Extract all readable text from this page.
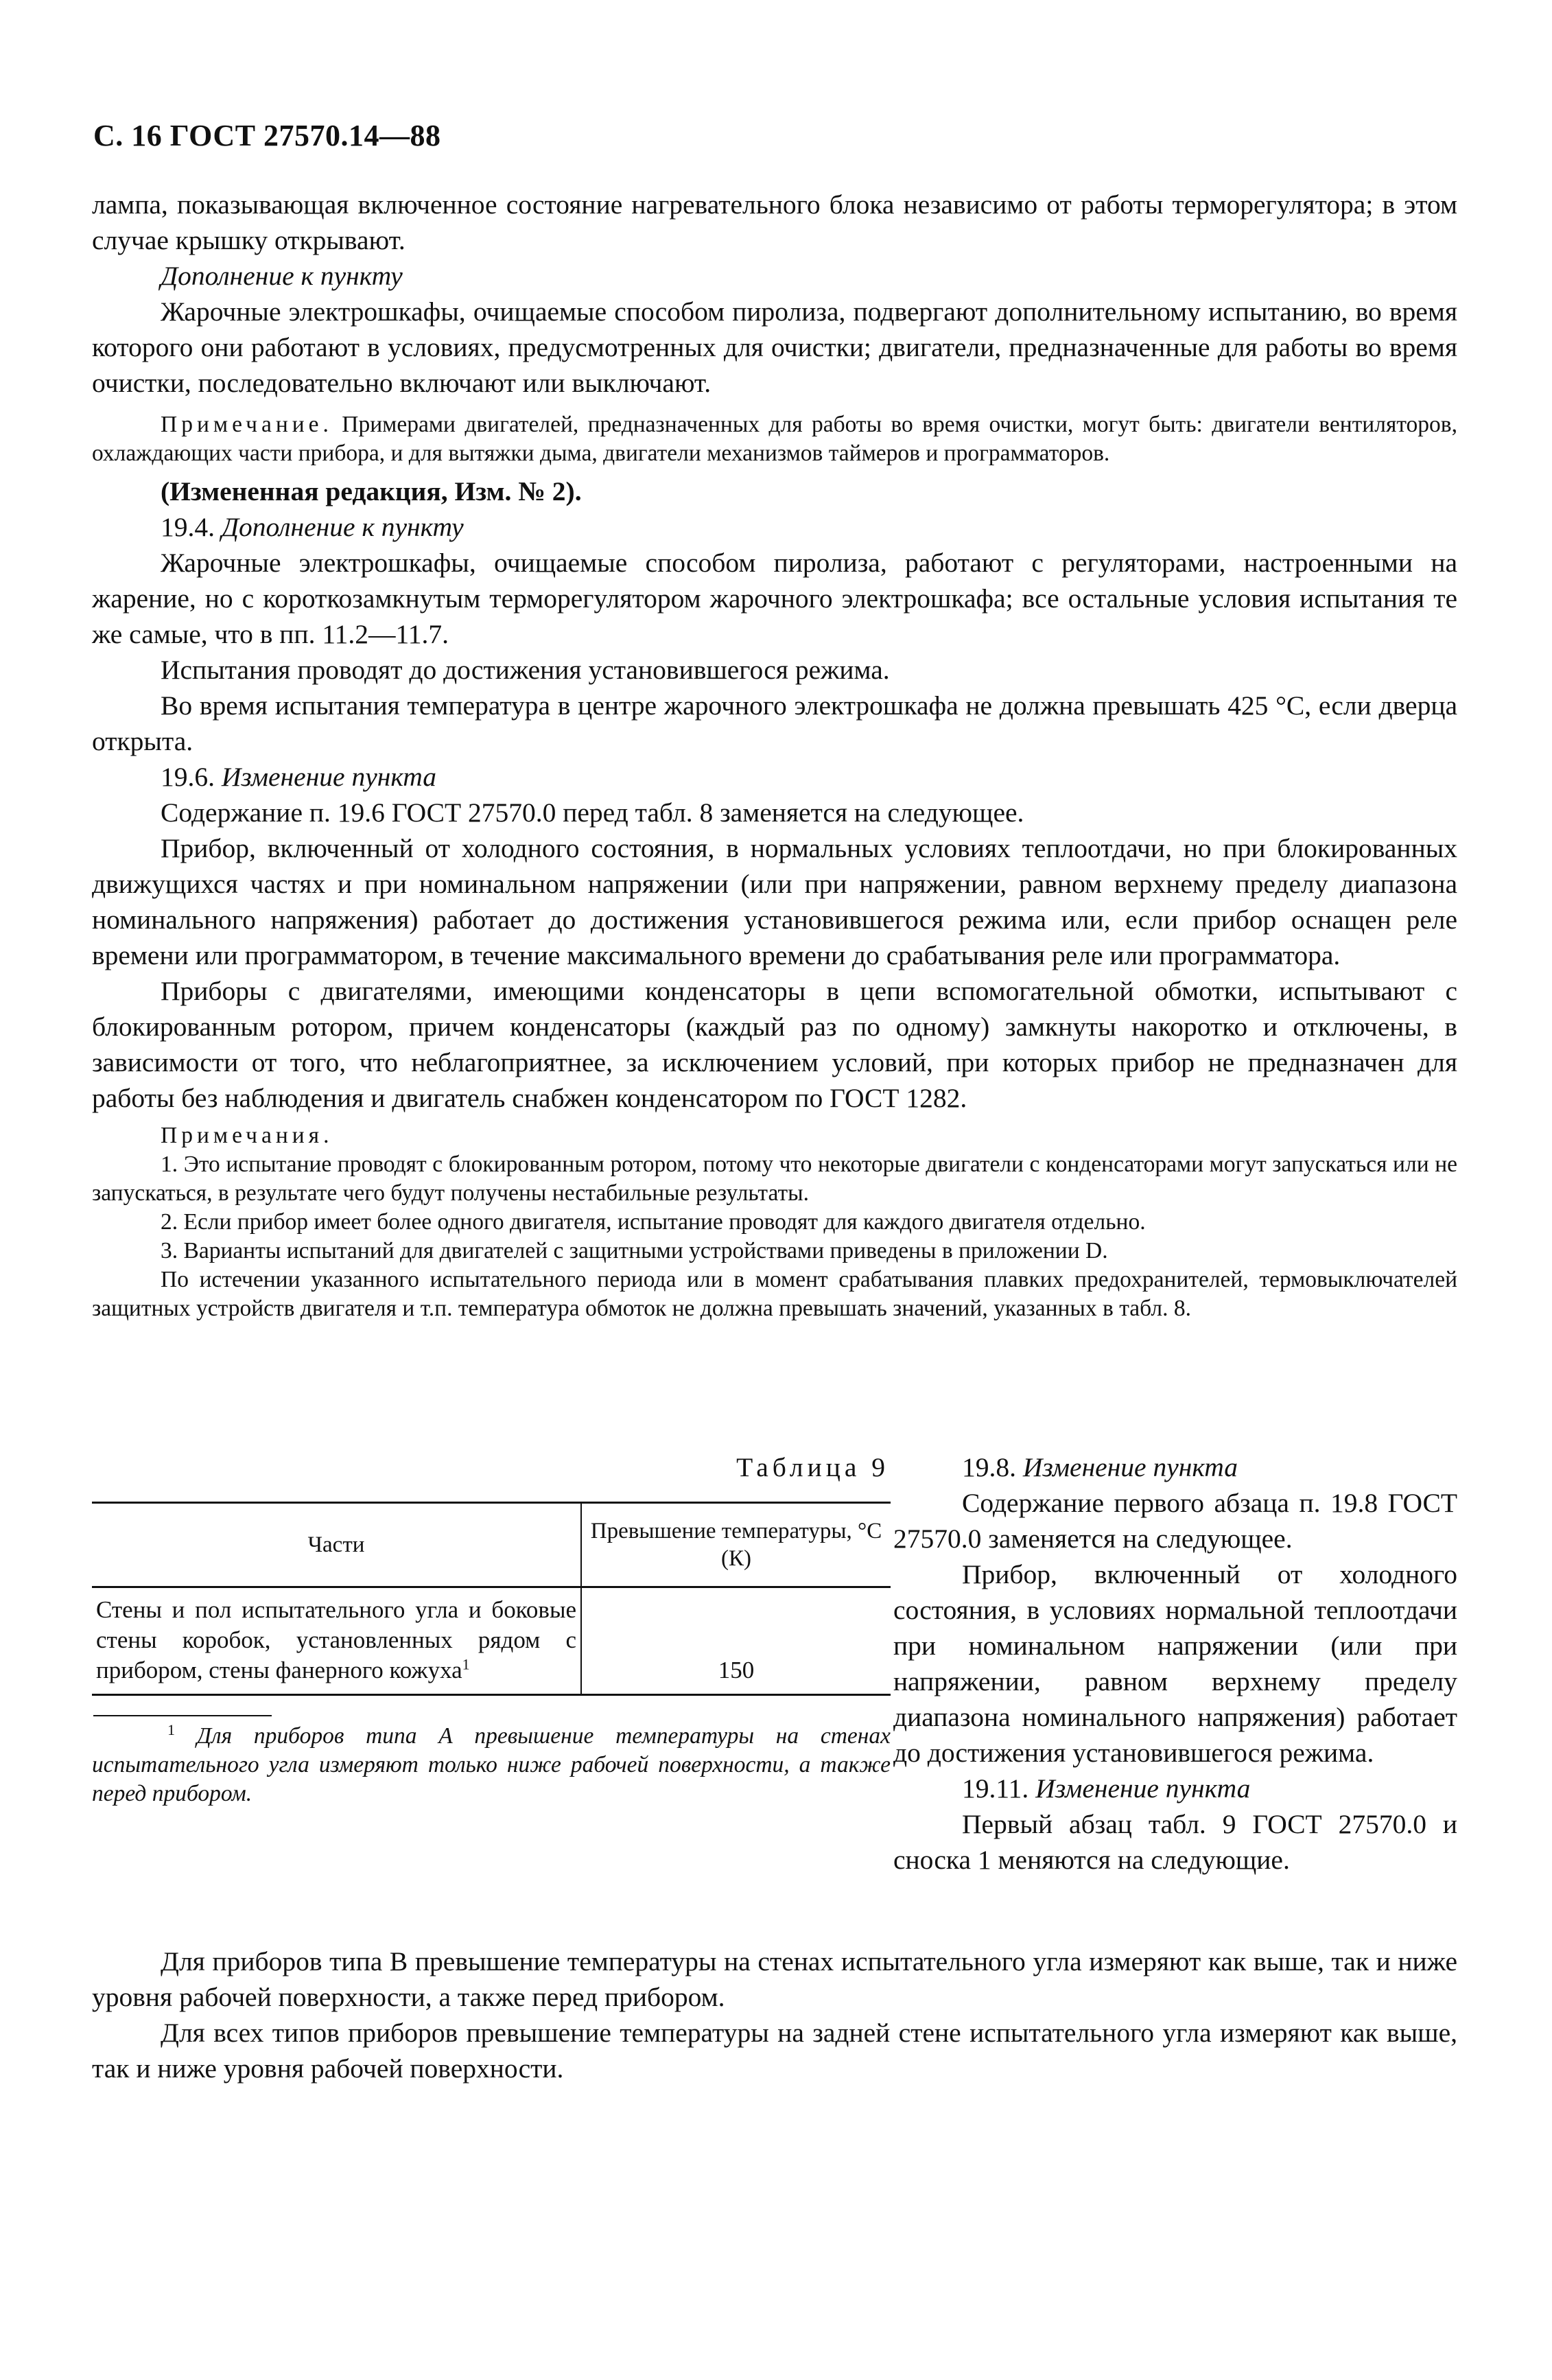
С. 16 ГОСТ 27570.14—88

лампа, показывающая включенное состояние нагревательного блока независимо от работы терморегулятора; в этом случае крышку открывают.

Дополнение к пункту

Жарочные электрошкафы, очищаемые способом пиролиза, подвергают дополнительному испытанию, во время которого они работают в условиях, предусмотренных для очистки; двигатели, предназначенные для работы во время очистки, последовательно включают или выключают.

Примечание. Примерами двигателей, предназначенных для работы во время очистки, могут быть: двигатели вентиляторов, охлаждающих части прибора, и для вытяжки дыма, двигатели механизмов таймеров и программаторов.

(Измененная редакция, Изм. № 2).

19.4. Дополнение к пункту

Жарочные электрошкафы, очищаемые способом пиролиза, работают с регуляторами, настроенными на жарение, но с короткозамкнутым терморегулятором жарочного электрошкафа; все остальные условия испытания те же самые, что в пп. 11.2—11.7.

Испытания проводят до достижения установившегося режима.

Во время испытания температура в центре жарочного электрошкафа не должна превышать 425 °С, если дверца открыта.

19.6. Изменение пункта

Содержание п. 19.6 ГОСТ 27570.0 перед табл. 8 заменяется на следующее.

Прибор, включенный от холодного состояния, в нормальных условиях теплоотдачи, но при блокированных движущихся частях и при номинальном напряжении (или при напряжении, равном верхнему пределу диапазона номинального напряжения) работает до достижения установившегося режима или, если прибор оснащен реле времени или программатором, в течение максимального времени до срабатывания реле или программатора.

Приборы с двигателями, имеющими конденсаторы в цепи вспомогательной обмотки, испытывают с блокированным ротором, причем конденсаторы (каждый раз по одному) замкнуты накоротко и отключены, в зависимости от того, что неблагоприятнее, за исключением условий, при которых прибор не предназначен для работы без наблюдения и двигатель снабжен конденсатором по ГОСТ 1282.

Примечания.

1. Это испытание проводят с блокированным ротором, потому что некоторые двигатели с конденсаторами могут запускаться или не запускаться, в результате чего будут получены нестабильные результаты.

2. Если прибор имеет более одного двигателя, испытание проводят для каждого двигателя отдельно.

3. Варианты испытаний для двигателей с защитными устройствами приведены в приложении D.

По истечении указанного испытательного периода или в момент срабатывания плавких предохранителей, термовыключателей защитных устройств двигателя и т.п. температура обмоток не должна превышать значений, указанных в табл. 8.

Таблица 9

Части	Превышение температуры, °С (К)
Стены и пол испытательного угла и боковые стены коробок, установленных рядом с прибором, стены фанерного кожуха$^1$	150

$^1$ Для приборов типа А превышение температуры на стенах испытательного угла измеряют только ниже рабочей поверхности, а также перед прибором.

19.8. Изменение пункта

Содержание первого абзаца п. 19.8 ГОСТ 27570.0 заменяется на следующее.

Прибор, включенный от холодного состояния, в условиях нормальной теплоотдачи при номинальном напряжении (или при напряжении, равном верхнему пределу диапазона номинального напряжения) работает до достижения установившегося режима.

19.11. Изменение пункта

Первый абзац табл. 9 ГОСТ 27570.0 и сноска 1 меняются на следующие.

Для приборов типа В превышение температуры на стенах испытательного угла измеряют как выше, так и ниже уровня рабочей поверхности, а также перед прибором.

Для всех типов приборов превышение температуры на задней стене испытательного угла измеряют как выше, так и ниже уровня рабочей поверхности.
